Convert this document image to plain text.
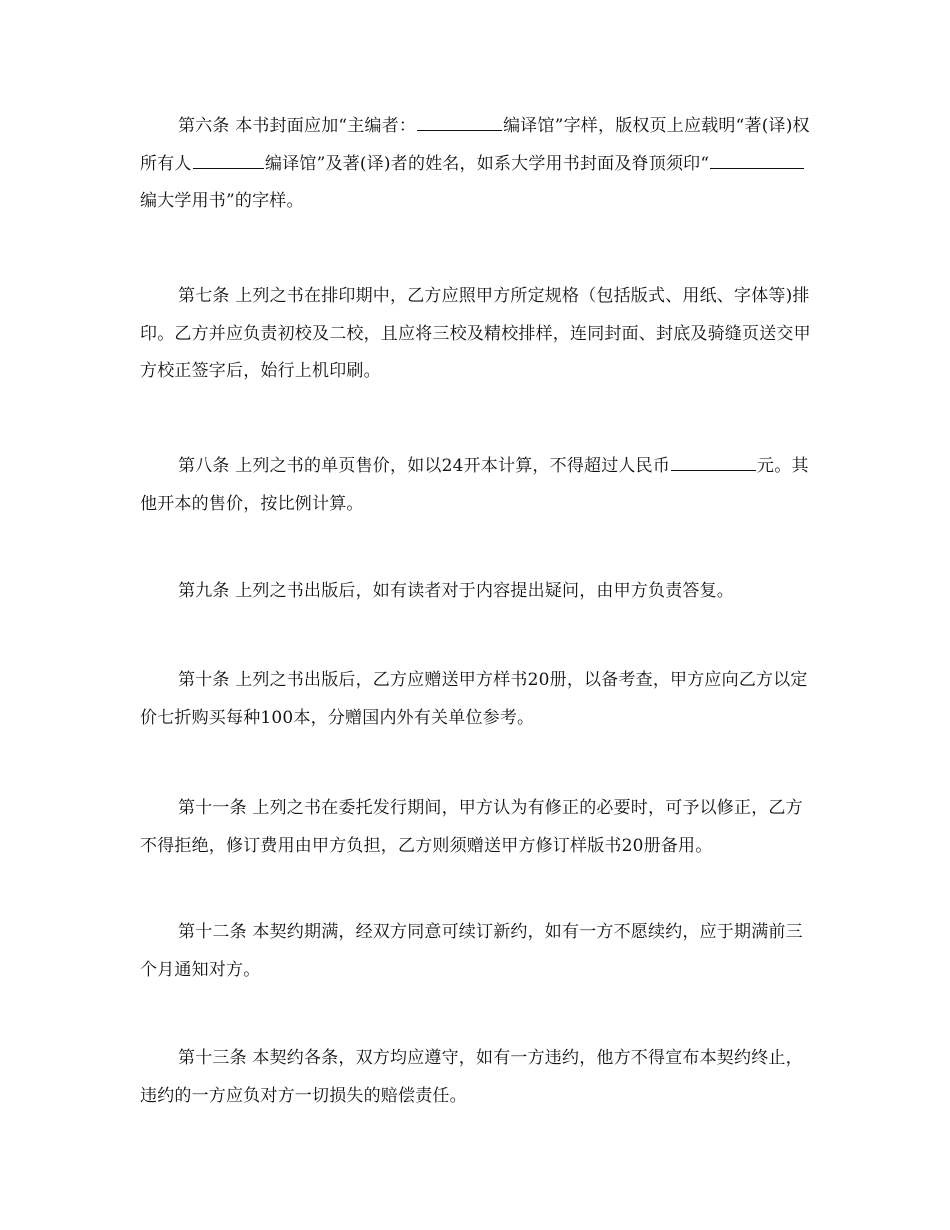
第六条 本书封面应加“主编者：	编译馆”字样，版权页上应载明“著(译)权所有人	编译馆”及著(译)者的姓名，如系大学用书封面及脊顶须印“编大学用书”的字样。

第七条 上列之书在排印期中，乙方应照甲方所定规格（包括版式、用纸、字体等)排印。乙方并应负责初校及二校，且应将三校及精校排样，连同封面、封底及骑缝页送交甲方校正签字后，始行上机印刷。

第八条 上列之书的单页售价，如以24开本计算，不得超过人民币	元。其他开本的售价，按比例计算。

第九条 上列之书出版后，如有读者对于内容提出疑问，由甲方负责答复。

第十条 上列之书出版后，乙方应赠送甲方样书20册，以备考查，甲方应向乙方以定价七折购买每种100本，分赠国内外有关单位参考。

第十一条 上列之书在委托发行期间，甲方认为有修正的必要时，可予以修正，乙方不得拒绝，修订费用由甲方负担，乙方则须赠送甲方修订样版书20册备用。

第十二条 本契约期满，经双方同意可续订新约，如有一方不愿续约，应于期满前三个月通知对方。

第十三条 本契约各条，双方均应遵守，如有一方违约，他方不得宣布本契约终止，违约的一方应负对方一切损失的赔偿责任。
